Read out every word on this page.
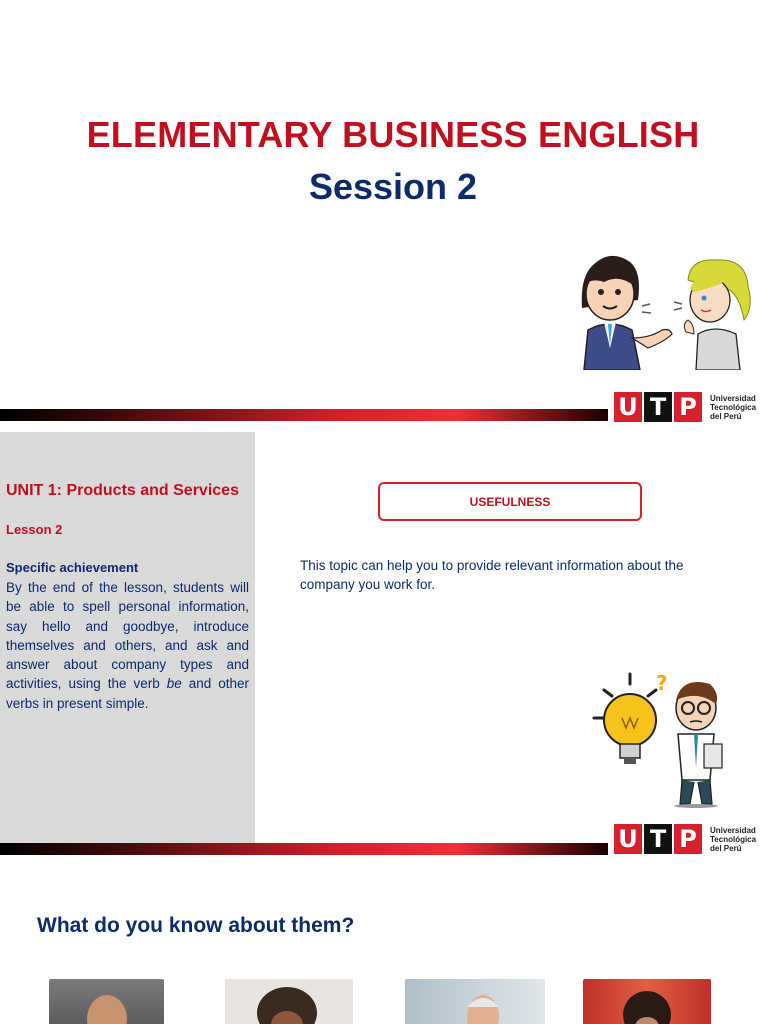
ELEMENTARY BUSINESS ENGLISH
Session 2
U T P	Universidad
Tecnológica
del Perú
UNIT 1: Products and Services
Lesson 2
Specific achievement
By the end of the lesson, students will be able to spell personal information, say hello and goodbye, introduce themselves and others, and ask and answer about company types and activities, using the verb be and other verbs in present simple.
USEFULNESS
This topic can help you to provide relevant information about the company you work for.
?
U T P	Universidad
Tecnológica
del Perú
What do you know about them?
